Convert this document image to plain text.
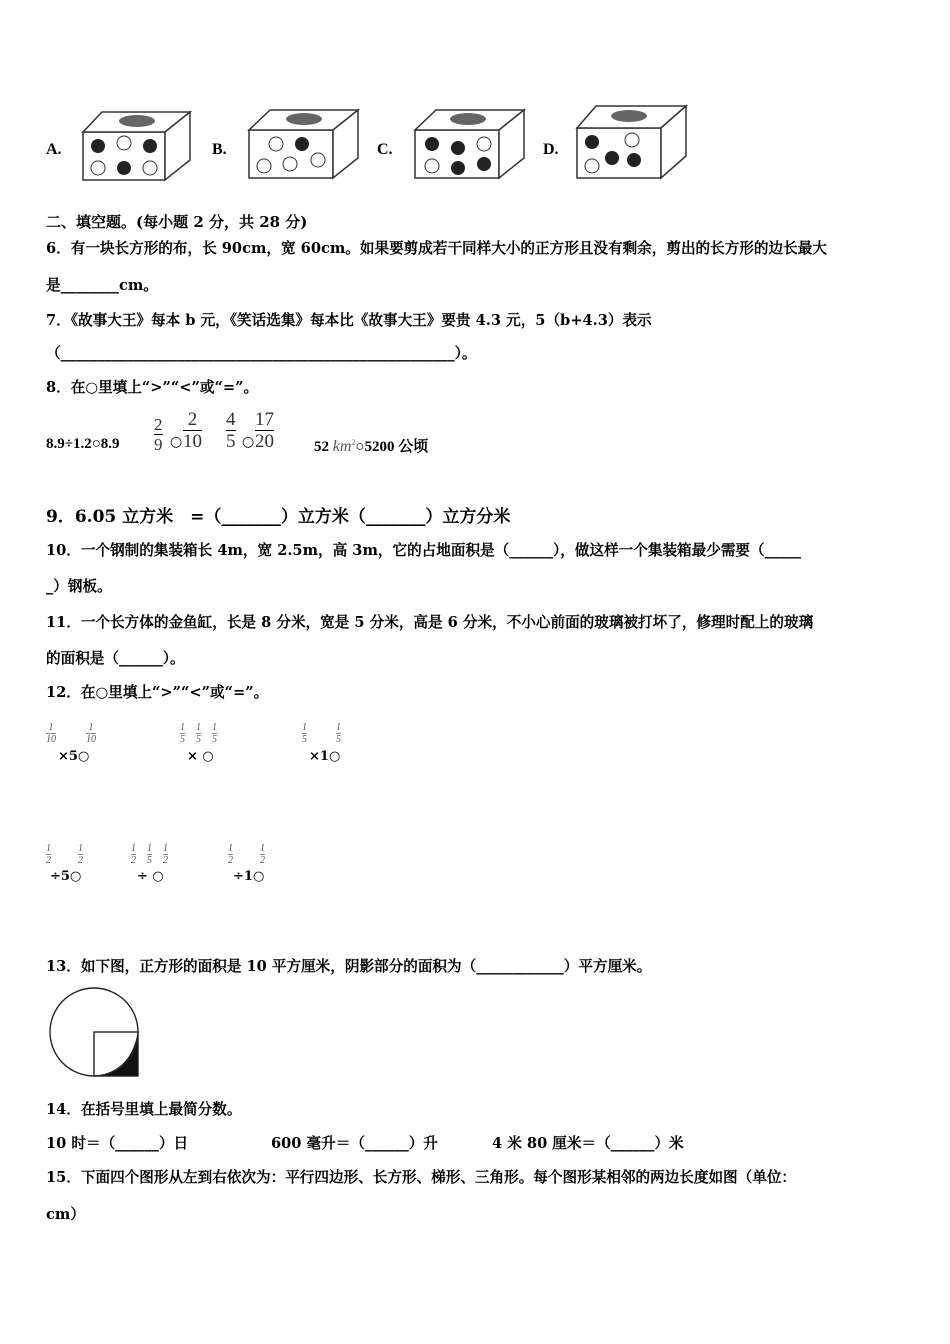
A.	B.	C.	D.
二、填空题。(每小题 2 分，共 28 分)
6．有一块长方形的布，长 90cm，宽 60cm。如果要剪成若干同样大小的正方形且没有剩余，剪出的长方形的边长最大
是________cm。
7．《故事大王》每本 b 元，《笑话选集》每本比《故事大王》要贵 4.3 元，5（b+4.3）表示
（______________________________________________________）。
8．在○里填上“>”“<”或“=”。
8.9÷1.2○8.9
2
9 ○
2
10
4
5 ○
17
20	52 $km^2○5200$ 公顷
9．6.05 立方米　=（_______）立方米（_______）立方分米
10．一个钢制的集装箱长 4m，宽 2.5m，高 3m，它的占地面积是（______），做这样一个集装箱最少需要（_____
_）钢板。
11．一个长方体的金鱼缸，长是 8 分米，宽是 5 分米，高是 6 分米，不小心前面的玻璃被打坏了，修理时配上的玻璃
的面积是（______）。
12．在○里填上“>”“<”或“=”。
1
10
1
10
×5○
1
5
1
5
1
5
× ○
1
5
1
5
×1○
1
2
1
2
÷5○
1
2
1
5
1
2
÷ ○
1
2
1
2
÷1○
13．如下图，正方形的面积是 10 平方厘米，阴影部分的面积为（____________）平方厘米。
14．在括号里填上最简分数。
10 时＝（______）日	600 毫升＝（______）升	4 米 80 厘米＝（______）米
15．下面四个图形从左到右依次为：平行四边形、长方形、梯形、三角形。每个图形某相邻的两边长度如图（单位：
cm）
